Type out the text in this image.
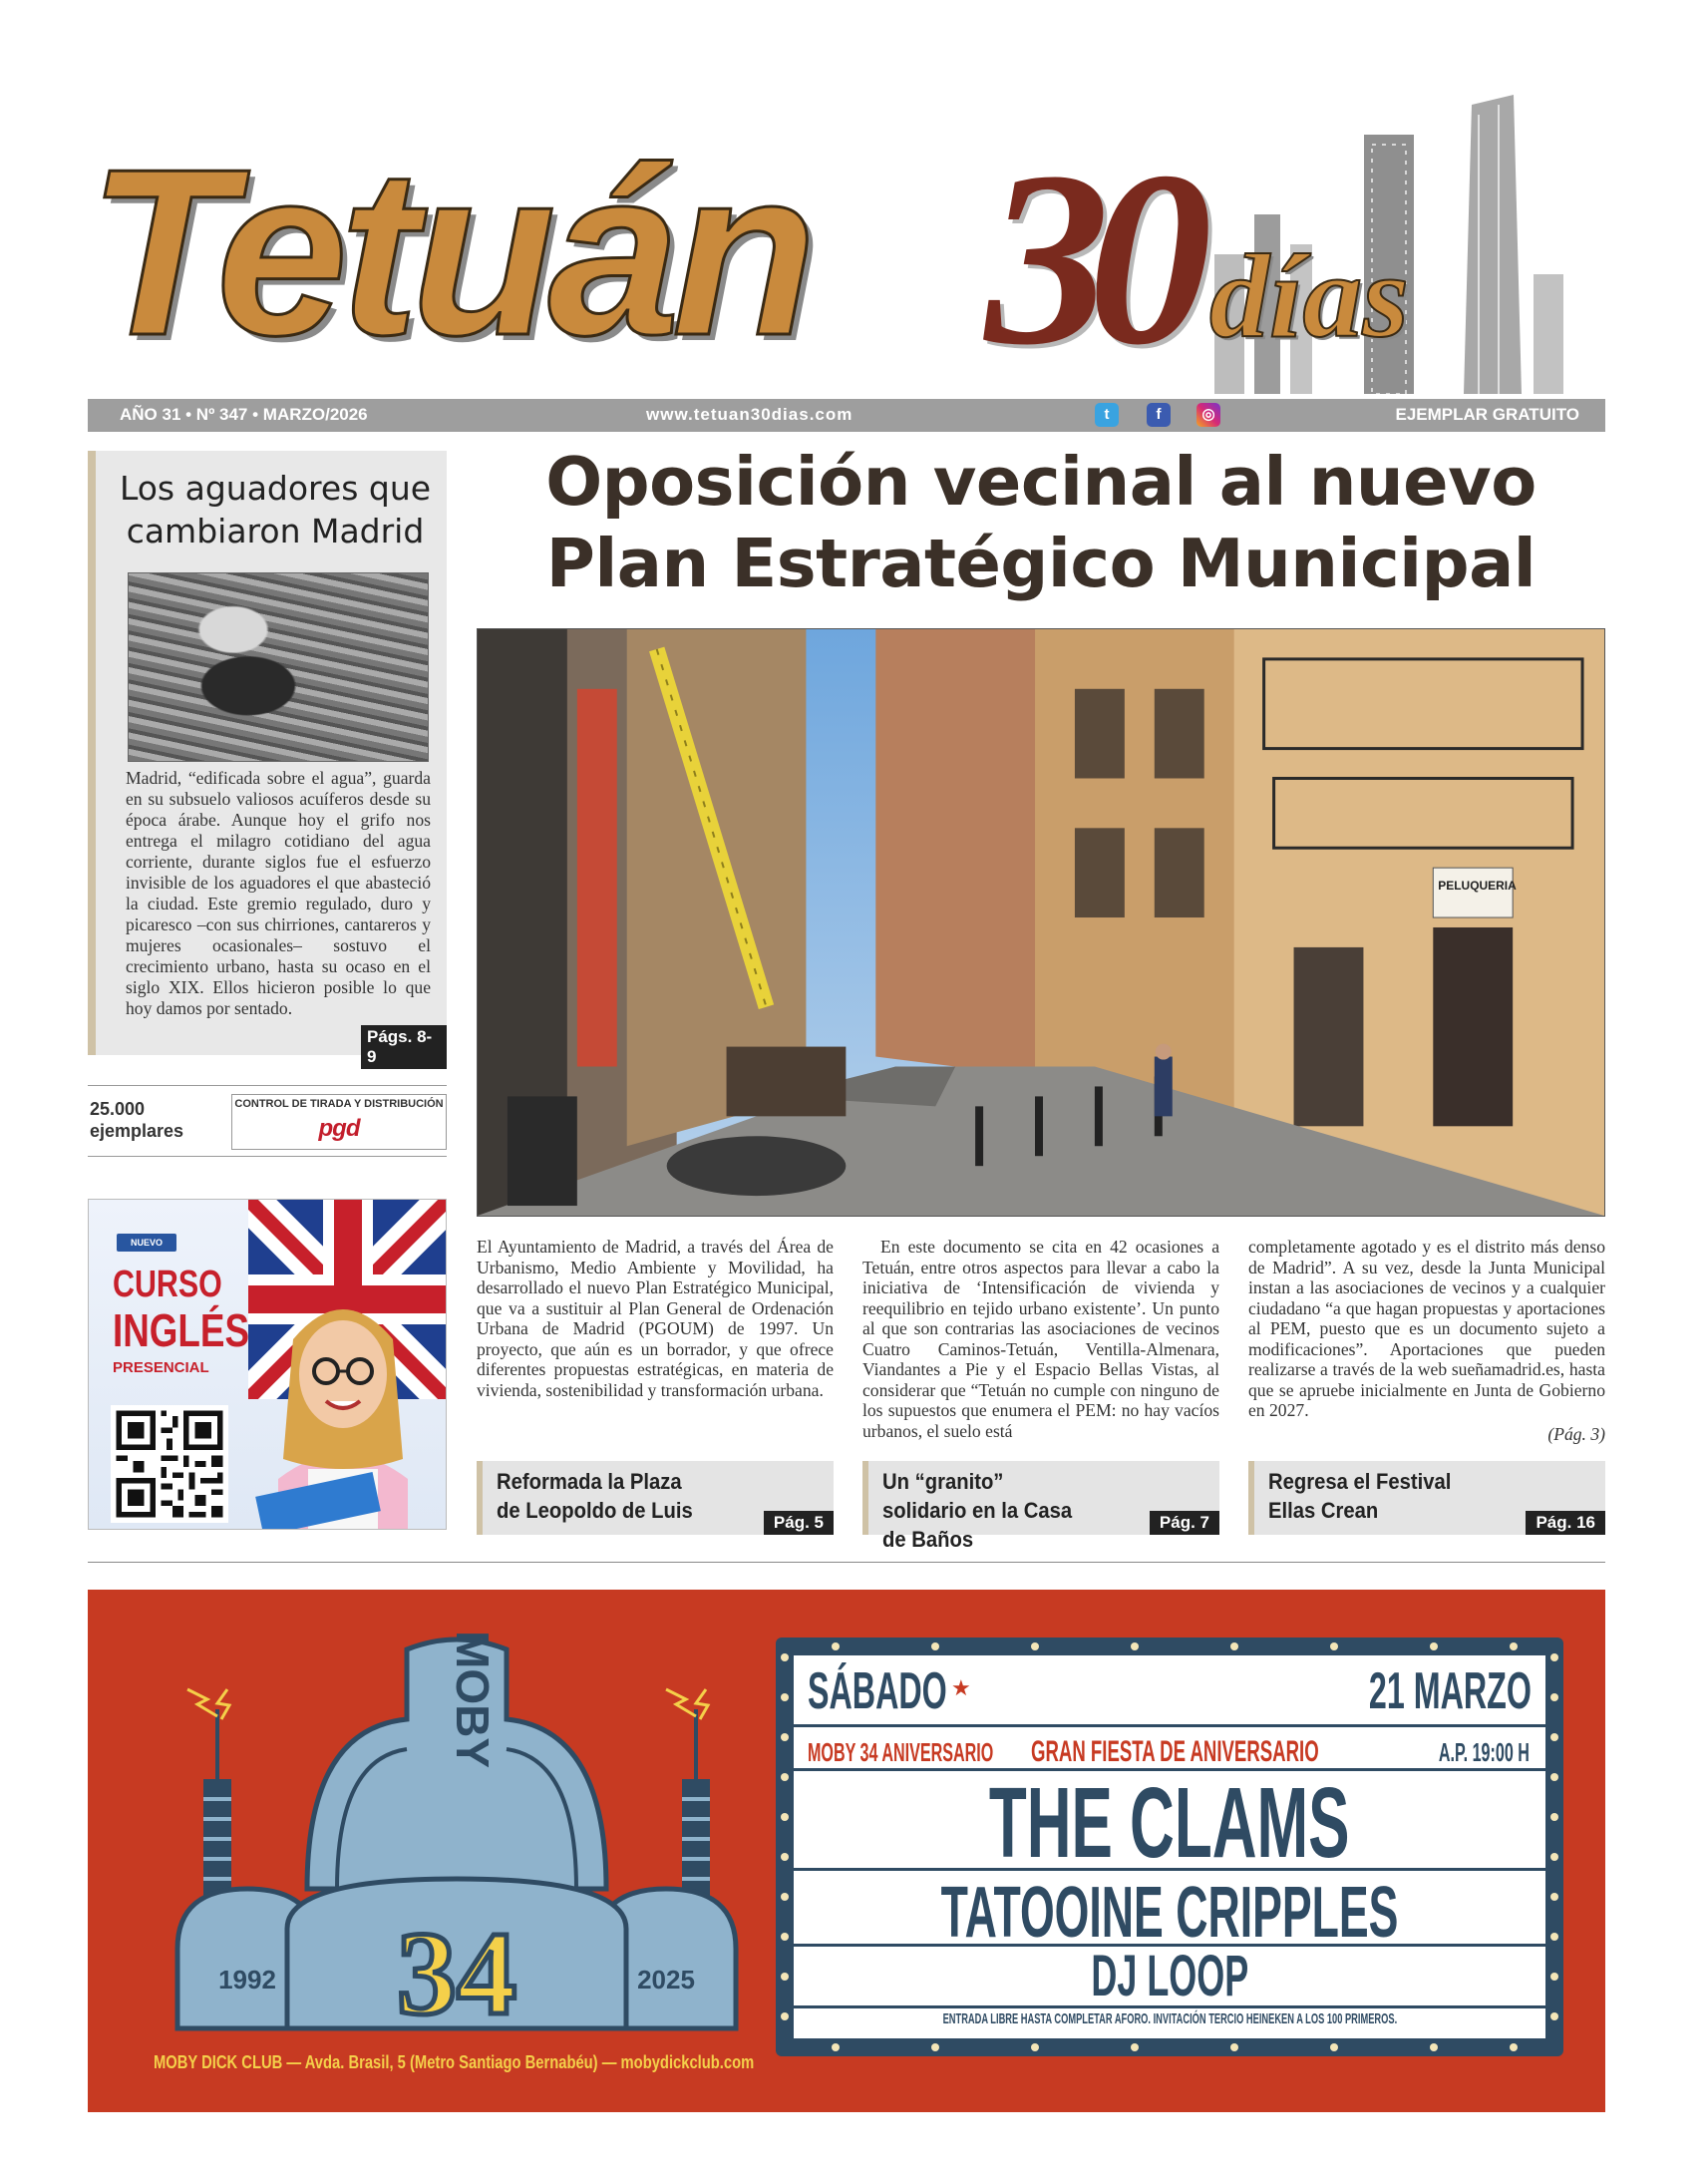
Tetuán 30 días
AÑO 31 • Nº 347 • MARZO/2026	www.tetuan30dias.com	t	f	◎	EJEMPLAR GRATUITO
Los aguadores que cambiaron Madrid
Madrid, “edificada sobre el agua”, guarda en su subsuelo valiosos acuíferos desde su época árabe. Aunque hoy el grifo nos entrega el milagro cotidiano del agua corriente, durante siglos fue el esfuerzo invisible de los aguadores el que abasteció la ciudad. Este gremio regulado, duro y picaresco –con sus chirriones, cantareros y mujeres ocasionales– sostuvo el crecimiento urbano, hasta su ocaso en el siglo XIX. Ellos hicieron posible lo que hoy damos por sentado.
Págs. 8-9
25.000
ejemplares
CONTROL DE TIRADA Y DISTRIBUCIÓN
pgd
NUEVO
CURSO
INGLÉS
PRESENCIAL
Oposición vecinal al nuevo
Plan Estratégico Municipal
PELUQUERIA
El Ayuntamiento de Madrid, a través del Área de Urbanismo, Medio Ambiente y Movilidad, ha desarrollado el nuevo Plan Estratégico Municipal, que va a sustituir al Plan General de Ordenación Urbana de Madrid (PGOUM) de 1997. Un proyecto, que aún es un borrador, y que ofrece diferentes propuestas estratégicas, en materia de vivienda, sostenibilidad y transformación urbana.
En este documento se cita en 42 ocasiones a Tetuán, entre otros aspectos para llevar a cabo la iniciativa de ‘Intensificación de vivienda y reequilibrio en tejido urbano existente’. Un punto al que son contrarias las asociaciones de vecinos Cuatro Caminos-Tetuán, Ventilla-Almenara, Viandantes a Pie y el Espacio Bellas Vistas, al considerar que “Tetuán no cumple con ninguno de los supuestos que enumera el PEM: no hay vacíos urbanos, el suelo está
completamente agotado y es el distrito más denso de Madrid”. A su vez, desde la Junta Municipal instan a las asociaciones de vecinos y a cualquier ciudadano “a que hagan propuestas y aportaciones al PEM, puesto que es un documento sujeto a modificaciones”. Aportaciones que pueden realizarse a través de la web sueñamadrid.es, hasta que se apruebe inicialmente en Junta de Gobierno en 2027.
(Pág. 3)
Reformada la Plaza de Leopoldo de Luis	Pág. 5
Un “granito” solidario en la Casa de Baños
Pág. 7
Regresa el Festival Ellas Crean	Pág. 16
MOBY
34
1992	2025
MOBY DICK CLUB — Avda. Brasil, 5 (Metro Santiago Bernabéu) — mobydickclub.com
SÁBADO ★	21 MARZO
MOBY 34 ANIVERSARIO GRAN FIESTA DE ANIVERSARIO	A.P. 19:00 H
THE CLAMS
TATOOINE CRIPPLES
DJ LOOP
ENTRADA LIBRE HASTA COMPLETAR AFORO. INVITACIÓN TERCIO HEINEKEN A LOS 100 PRIMEROS.
